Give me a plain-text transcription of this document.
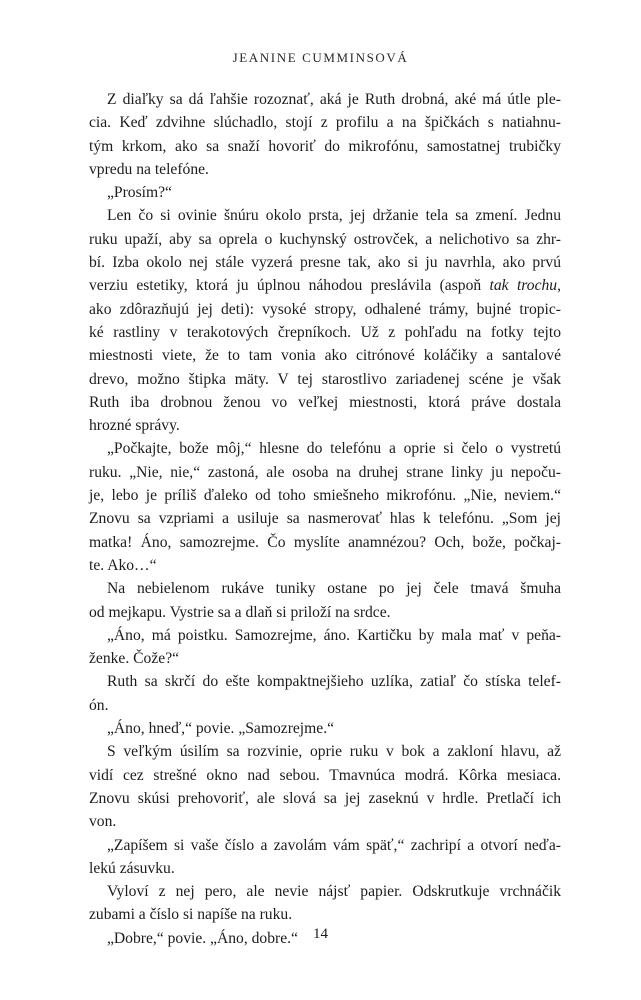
JEANINE CUMMINSOVÁ

Z diaľky sa dá ľahšie rozoznať, aká je Ruth drobná, aké má útle ple-
cia. Keď zdvihne slúchadlo, stojí z profilu a na špičkách s natiahnu-
tým krkom, ako sa snaží hovoriť do mikrofónu, samostatnej trubičky
vpredu na telefóne.

„Prosím?“

Len čo si ovinie šnúru okolo prsta, jej držanie tela sa zmení. Jednu
ruku upaží, aby sa oprela o kuchynský ostrovček, a nelichotivo sa zhr-
bí. Izba okolo nej stále vyzerá presne tak, ako si ju navrhla, ako prvú
verziu estetiky, ktorá ju úplnou náhodou preslávila (aspoň tak trochu,
ako zdôrazňujú jej deti): vysoké stropy, odhalené trámy, bujné tropic-
ké rastliny v terakotových črepníkoch. Už z pohľadu na fotky tejto
miestnosti viete, že to tam vonia ako citrónové koláčiky a santalové
drevo, možno štipka mäty. V tej starostlivo zariadenej scéne je však
Ruth iba drobnou ženou vo veľkej miestnosti, ktorá práve dostala
hrozné správy.

„Počkajte, bože môj,“ hlesne do telefónu a oprie si čelo o vystretú
ruku. „Nie, nie,“ zastoná, ale osoba na druhej strane linky ju nepoču-
je, lebo je príliš ďaleko od toho smiešneho mikrofónu. „Nie, neviem.“
Znovu sa vzpriami a usiluje sa nasmerovať hlas k telefónu. „Som jej
matka! Áno, samozrejme. Čo myslíte anamnézou? Och, bože, počkaj-
te. Ako…“

Na nebielenom rukáve tuniky ostane po jej čele tmavá šmuha
od mejkapu. Vystrie sa a dlaň si priloží na srdce.

„Áno, má poistku. Samozrejme, áno. Kartičku by mala mať v peňa-
ženke. Čože?“

Ruth sa skrčí do ešte kompaktnejšieho uzlíka, zatiaľ čo stíska telef-
ón.

„Áno, hneď,“ povie. „Samozrejme.“

S veľkým úsilím sa rozvinie, oprie ruku v bok a zakloní hlavu, až
vidí cez strešné okno nad sebou. Tmavnúca modrá. Kôrka mesiaca.
Znovu skúsi prehovoriť, ale slová sa jej zaseknú v hrdle. Pretlačí ich
von.

„Zapíšem si vaše číslo a zavolám vám späť,“ zachripí a otvorí neďa-
lekú zásuvku.

Vyloví z nej pero, ale nevie nájsť papier. Odskrutkuje vrchnáčik
zubami a číslo si napíše na ruku.

„Dobre,“ povie. „Áno, dobre.“	14
